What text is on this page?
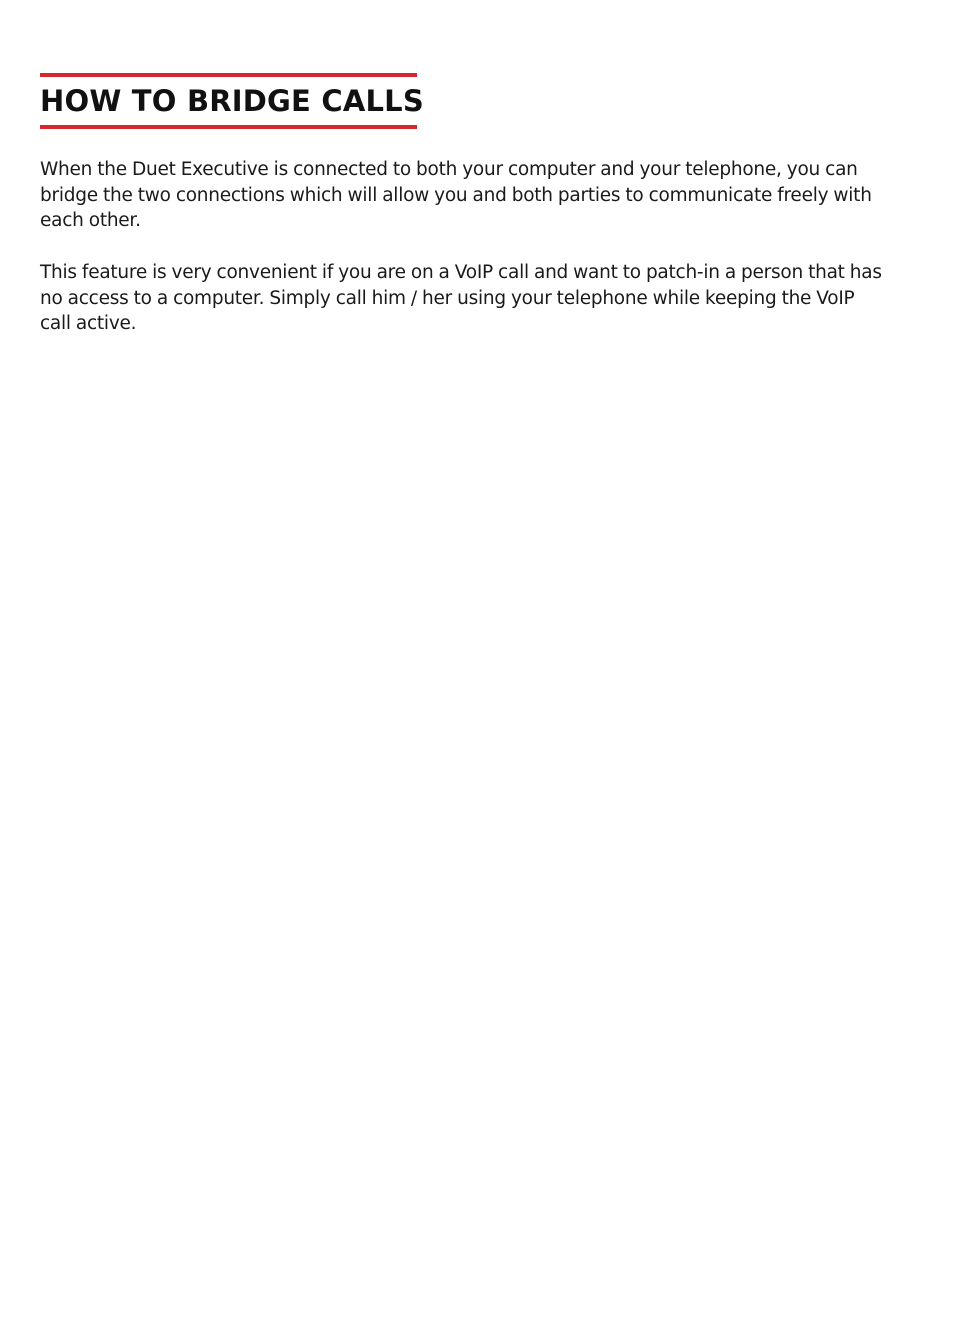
HOW TO BRIDGE CALLS

When the Duet Executive is connected to both your computer and your telephone, you can bridge the two connections which will allow you and both parties to communicate freely with each other.

This feature is very convenient if you are on a VoIP call and want to patch-in a person that has no access to a computer. Simply call him / her using your telephone while keeping the VoIP call active.
